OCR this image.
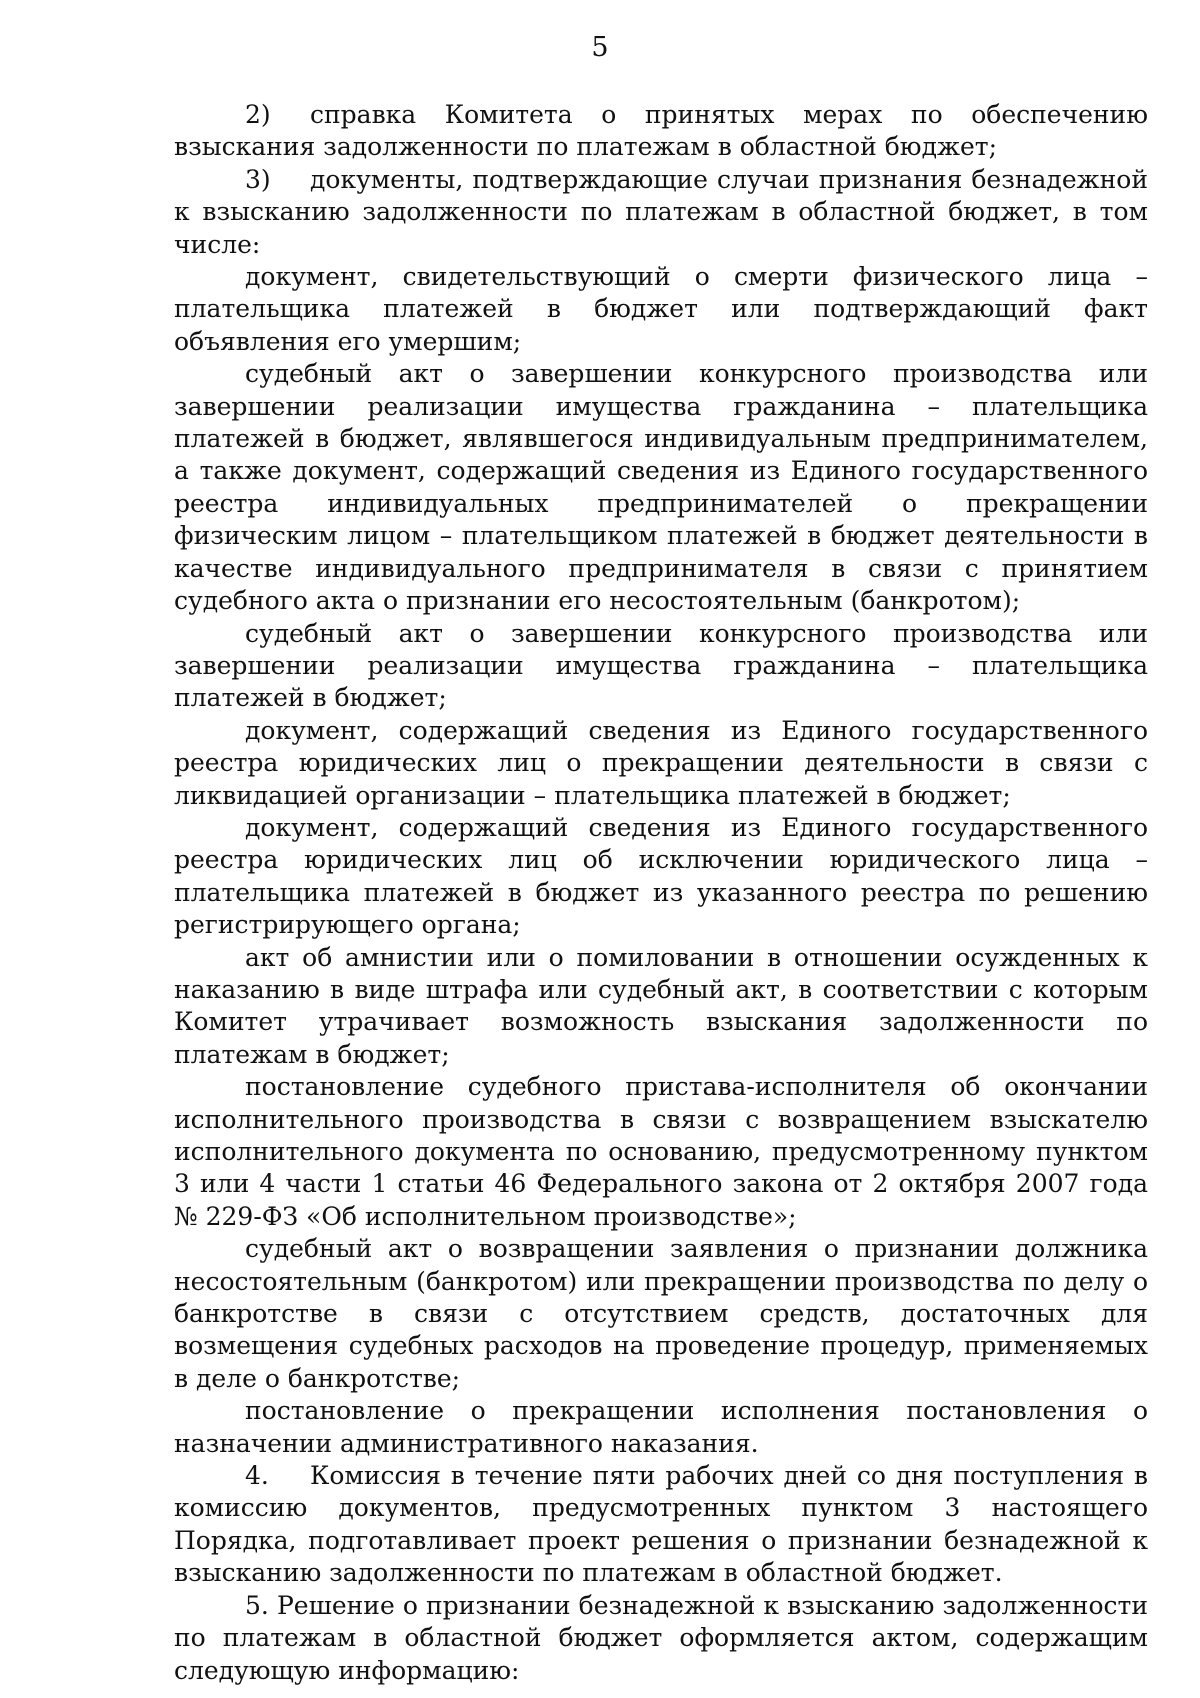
5

2) справка Комитета о принятых мерах по обеспечению взыскания задолженности по платежам в областной бюджет;

3) документы, подтверждающие случаи признания безнадежной к взысканию задолженности по платежам в областной бюджет, в том числе:

документ, свидетельствующий о смерти физического лица – плательщика платежей в бюджет или подтверждающий факт объявления его умершим;

судебный акт о завершении конкурсного производства или завершении реализации имущества гражданина – плательщика платежей в бюджет, являвшегося индивидуальным предпринимателем, а также документ, содержащий сведения из Единого государственного реестра индивидуальных предпринимателей о прекращении физическим лицом – плательщиком платежей в бюджет деятельности в качестве индивидуального предпринимателя в связи с принятием судебного акта о признании его несостоятельным (банкротом);

судебный акт о завершении конкурсного производства или завершении реализации имущества гражданина – плательщика платежей в бюджет;

документ, содержащий сведения из Единого государственного реестра юридических лиц о прекращении деятельности в связи с ликвидацией организации – плательщика платежей в бюджет;

документ, содержащий сведения из Единого государственного реестра юридических лиц об исключении юридического лица – плательщика платежей в бюджет из указанного реестра по решению регистрирующего органа;

акт об амнистии или о помиловании в отношении осужденных к наказанию в виде штрафа или судебный акт, в соответствии с которым Комитет утрачивает возможность взыскания задолженности по платежам в бюджет;

постановление судебного пристава-исполнителя об окончании исполнительного производства в связи с возвращением взыскателю исполнительного документа по основанию, предусмотренному пунктом 3 или 4 части 1 статьи 46 Федерального закона от 2 октября 2007 года № 229-ФЗ «Об исполнительном производстве»;

судебный акт о возвращении заявления о признании должника несостоятельным (банкротом) или прекращении производства по делу о банкротстве в связи с отсутствием средств, достаточных для возмещения судебных расходов на проведение процедур, применяемых в деле о банкротстве;

постановление о прекращении исполнения постановления о назначении административного наказания.

4. Комиссия в течение пяти рабочих дней со дня поступления в комиссию документов, предусмотренных пунктом 3 настоящего Порядка, подготавливает проект решения о признании безнадежной к взысканию задолженности по платежам в областной бюджет.

5. Решение о признании безнадежной к взысканию задолженности по платежам в областной бюджет оформляется актом, содержащим следующую информацию:
